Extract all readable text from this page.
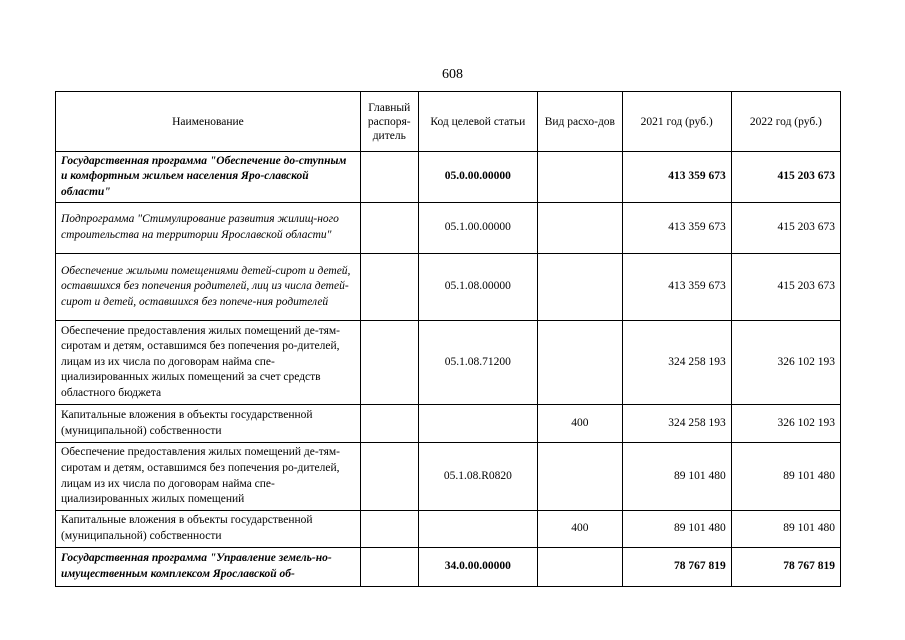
608
Наименование	Главный распоря-дитель	Код целевой статьи	Вид расхо-дов	2021 год (руб.)	2022 год (руб.)
Государственная программа "Обеспечение до-ступным и комфортным жильем населения Яро-славской области"		05.0.00.00000		413 359 673	415 203 673
Подпрограмма "Стимулирование развития жилищ-ного строительства на территории Ярославской области"		05.1.00.00000		413 359 673	415 203 673
Обеспечение жилыми помещениями детей-сирот и детей, оставшихся без попечения родителей, лиц из числа детей-сирот и детей, оставшихся без попече-ния родителей		05.1.08.00000		413 359 673	415 203 673
Обеспечение предоставления жилых помещений де-тям-сиротам и детям, оставшимся без попечения ро-дителей, лицам из их числа по договорам найма спе-циализированных жилых помещений за счет средств областного бюджета		05.1.08.71200		324 258 193	326 102 193
Капитальные вложения в объекты государственной (муниципальной) собственности			400	324 258 193	326 102 193
Обеспечение предоставления жилых помещений де-тям-сиротам и детям, оставшимся без попечения ро-дителей, лицам из их числа по договорам найма спе-циализированных жилых помещений		05.1.08.R0820		89 101 480	89 101 480
Капитальные вложения в объекты государственной (муниципальной) собственности			400	89 101 480	89 101 480
Государственная программа "Управление земель-но-имущественным комплексом Ярославской об-		34.0.00.00000		78 767 819	78 767 819
